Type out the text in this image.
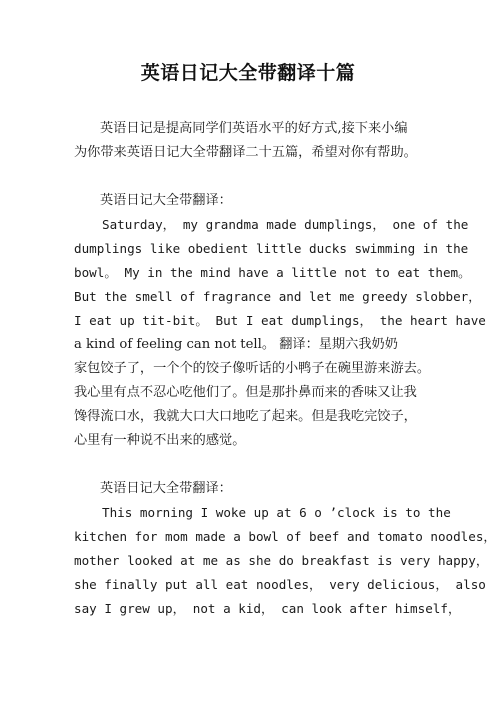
英语日记大全带翻译十篇
英语日记是提高同学们英语水平的好方式,接下来小编
为你带来英语日记大全带翻译二十五篇，希望对你有帮助。
英语日记大全带翻译：
Saturday， my grandma made dumplings， one of the
dumplings like obedient little ducks swimming in the
bowl。 My in the mind have a little not to eat them。
But the smell of fragrance and let me greedy slobber，
I eat up tit-bit。 But I eat dumplings， the heart have
a kind of feeling can not tell。 翻译：星期六我奶奶
家包饺子了，一个个的饺子像听话的小鸭子在碗里游来游去。
我心里有点不忍心吃他们了。但是那扑鼻而来的香味又让我
馋得流口水，我就大口大口地吃了起来。但是我吃完饺子，
心里有一种说不出来的感觉。
英语日记大全带翻译：
This morning I woke up at 6 o ’clock is to the
kitchen for mom made a bowl of beef and tomato noodles，
mother looked at me as she do breakfast is very happy，
she finally put all eat noodles， very delicious， also
say I grew up， not a kid， can look after himself，
